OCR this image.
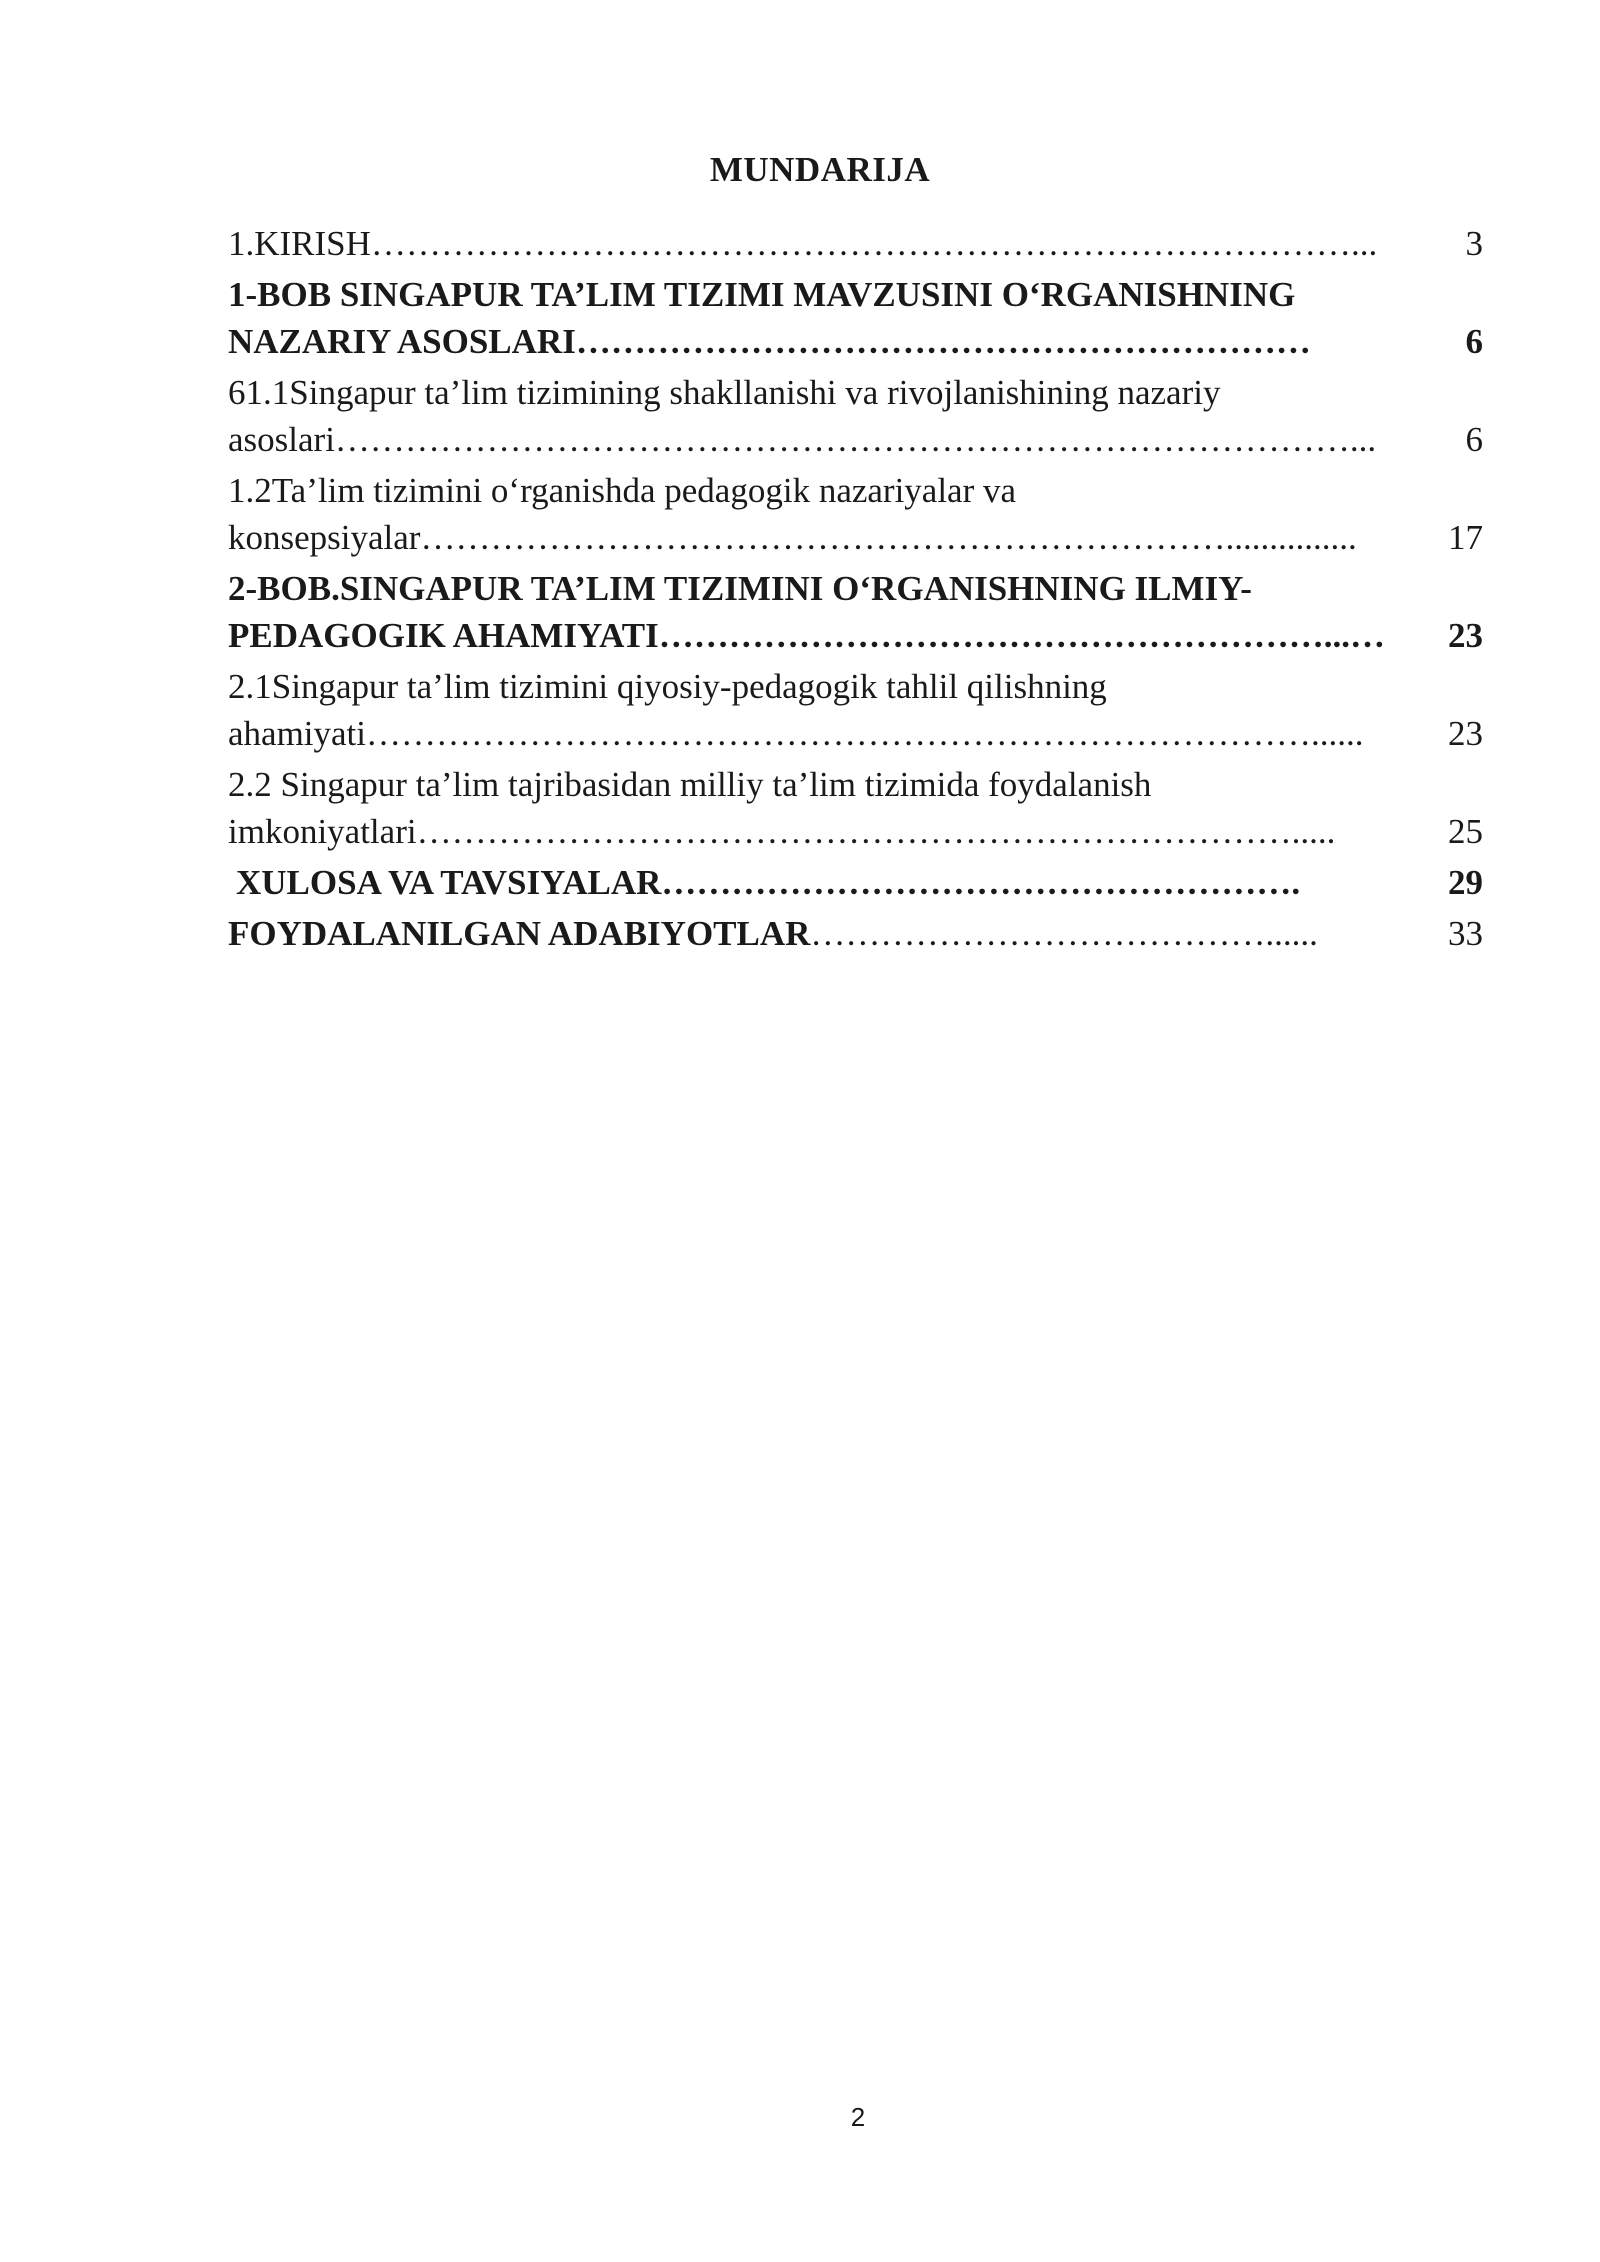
MUNDARIJA
1.KIRISH …………………………………………………………………………...	3
1-BOB SINGAPUR TA’LIM TIZIMI MAVZUSINI O‘RGANISHNING
NAZARIY ASOSLARI ………………………………………………………	6
61.1Singapur ta’lim tizimining shakllanishi va rivojlanishining nazariy
asoslari ……………………………………………………………………………...	6
1.2Ta’lim tizimini o‘rganishda pedagogik nazariyalar va
konsepsiyalar ……………………………………………………………...............	17
2-BOB.SINGAPUR TA’LIM TIZIMINI O‘RGANISHNING ILMIY-
PEDAGOGIK AHAMIYATI …………………………………………………...…	23
2.1Singapur ta’lim tizimini qiyosiy-pedagogik tahlil qilishning
ahamiyati ………………………………………………………………………......	23
2.2 Singapur ta’lim tajribasidan milliy ta’lim tizimida foydalanish
imkoniyatlari ………………………………………………………………….....	25
XULOSA VA TAVSIYALAR ……………………………………………….	29
FOYDALANILGAN ADABIYOTLAR …………………………………......	33
2
